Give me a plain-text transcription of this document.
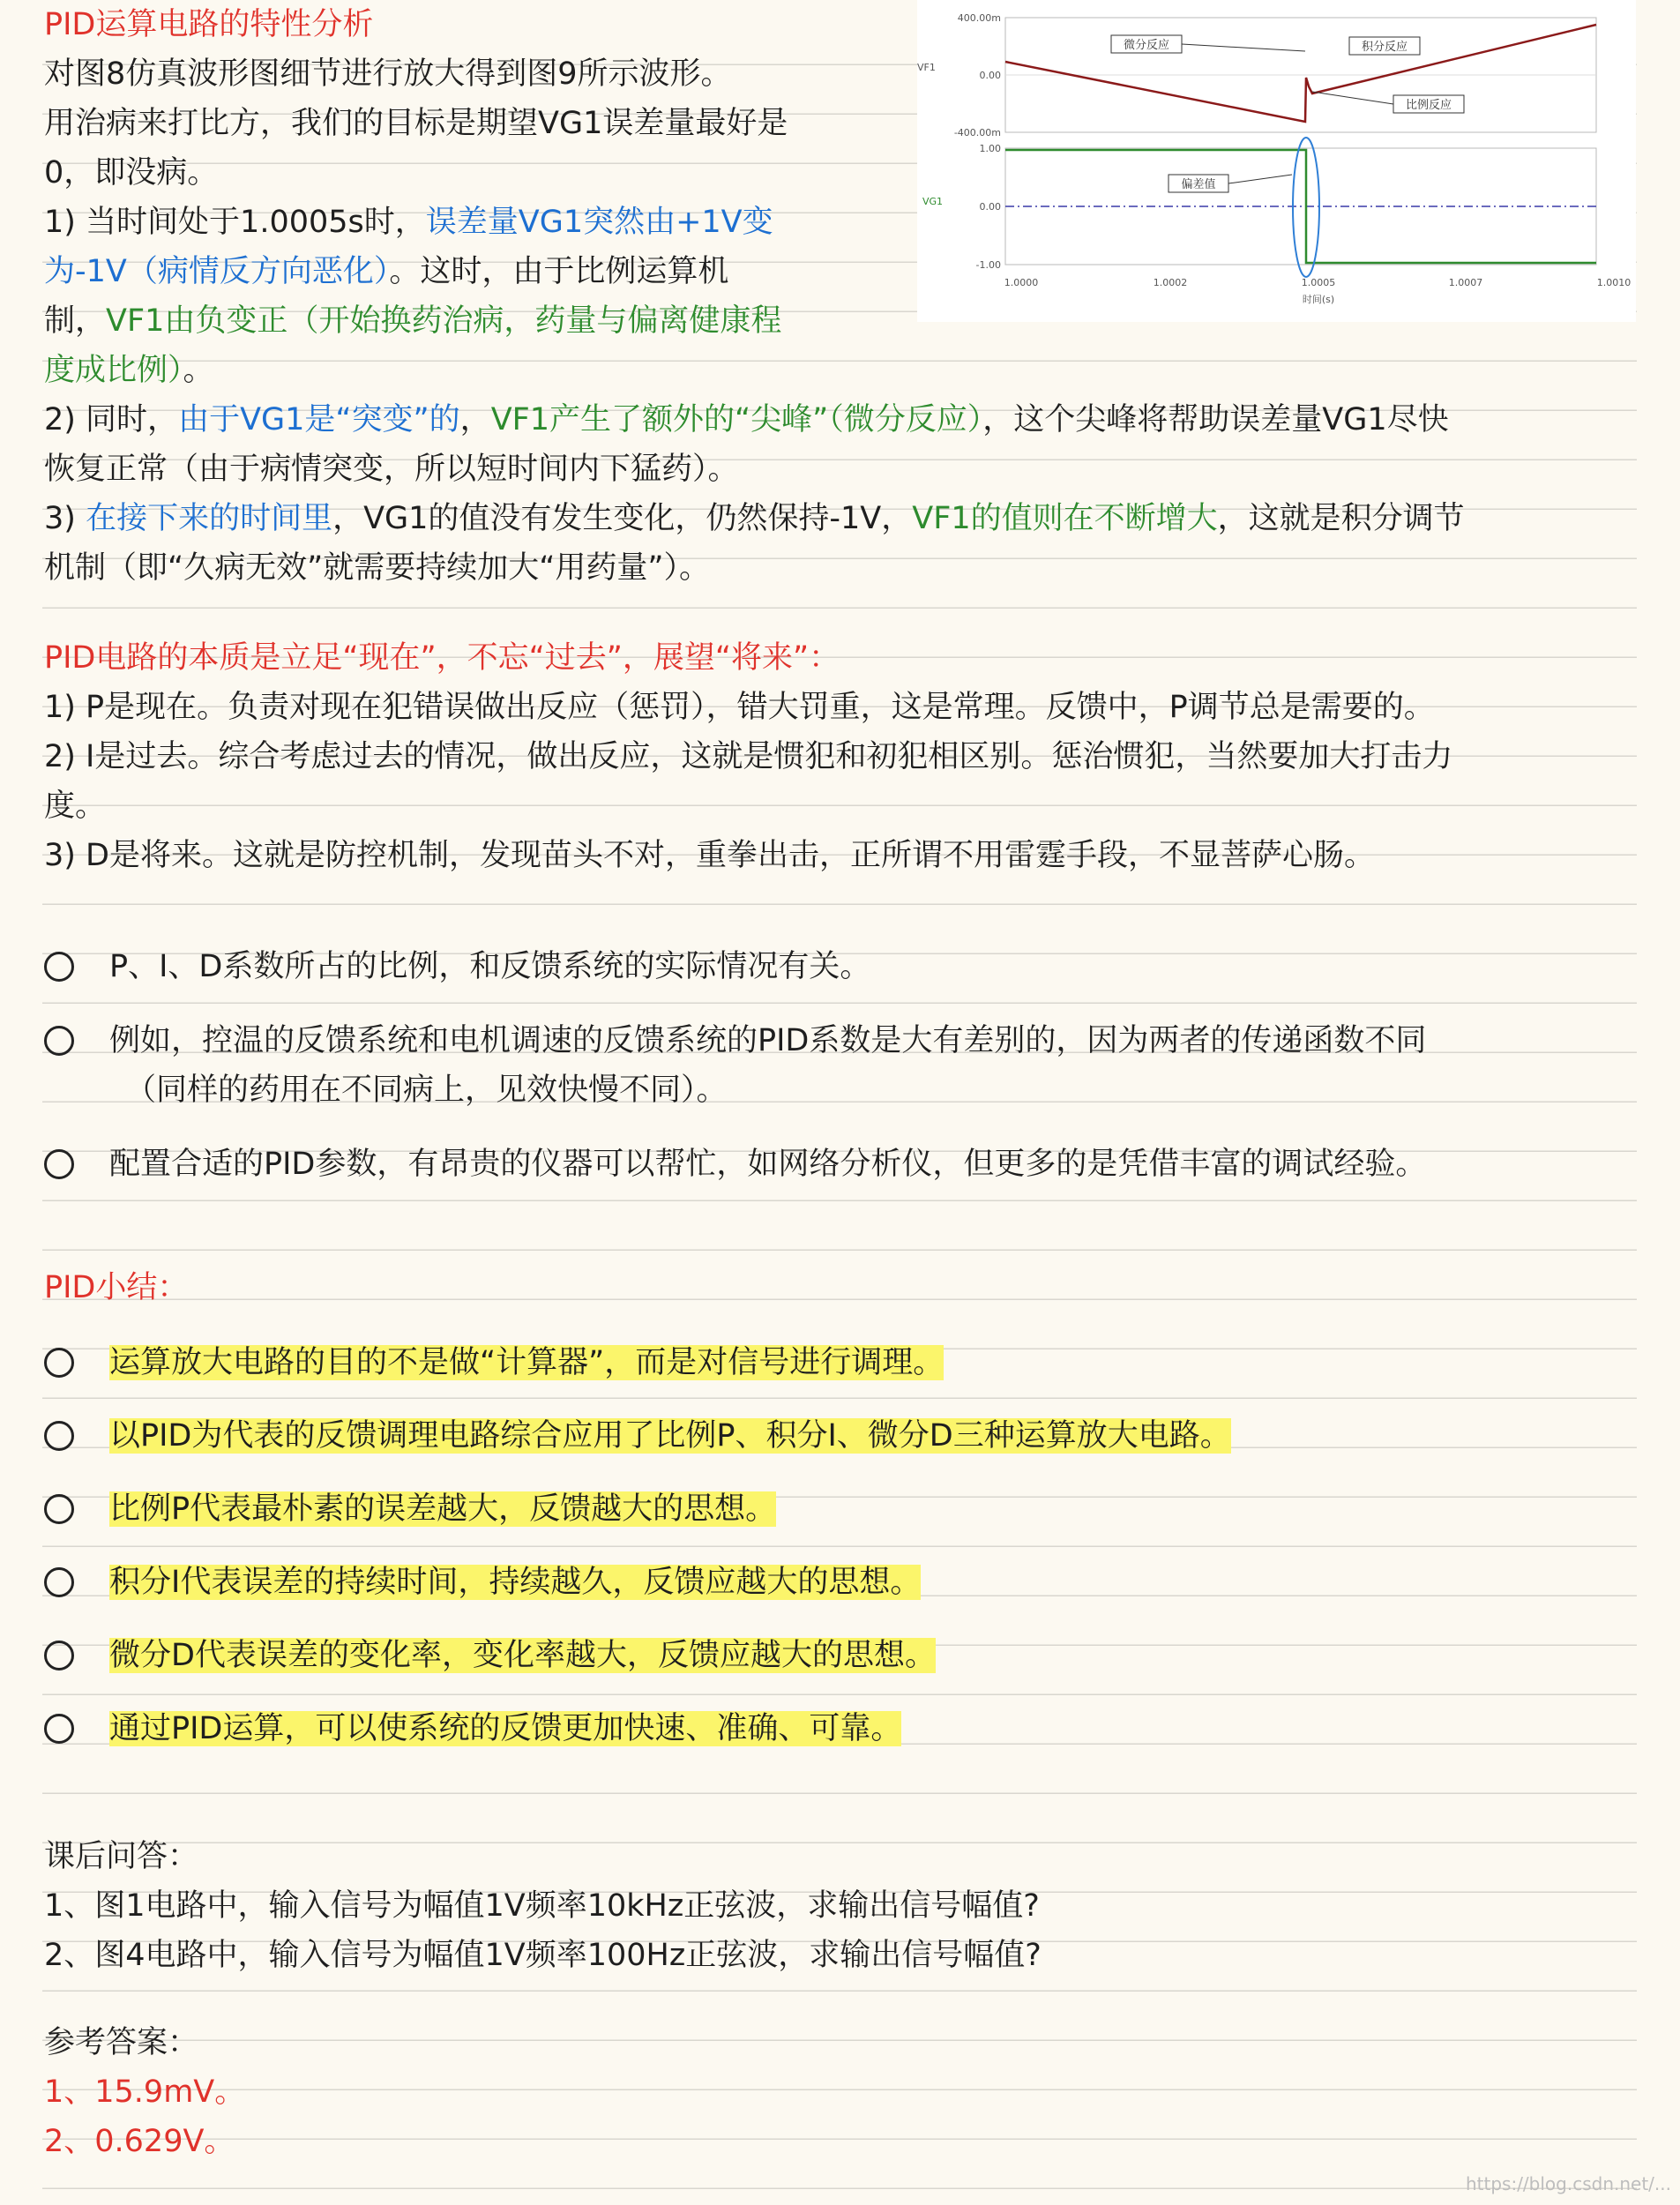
PID运算电路的特性分析
对图8仿真波形图细节进行放大得到图9所示波形。
用治病来打比方，我们的目标是期望VG1误差量最好是
0，即没病。
1) 当时间处于1.0005s时，误差量VG1突然由+1V变
为-1V（病情反方向恶化）。这时，由于比例运算机
制，VF1由负变正（开始换药治病，药量与偏离健康程
度成比例）。
2) 同时，由于VG1是“突变”的，VF1产生了额外的“尖峰”（微分反应），这个尖峰将帮助误差量VG1尽快
恢复正常（由于病情突变，所以短时间内下猛药）。
3) 在接下来的时间里，VG1的值没有发生变化，仍然保持-1V，VF1的值则在不断增大，这就是积分调节
机制（即“久病无效”就需要持续加大“用药量”）。
VF1
400.00m
0.00
-400.00m
微分反应	积分反应
比例反应
VG1
1.00
0.00
-1.00
偏差值
1.0000	1.0002	1.0005	1.0007	1.0010
时间(s)
PID电路的本质是立足“现在”，不忘“过去”，展望“将来”：
1) P是现在。负责对现在犯错误做出反应（惩罚），错大罚重，这是常理。反馈中，P调节总是需要的。
2) I是过去。综合考虑过去的情况，做出反应，这就是惯犯和初犯相区别。惩治惯犯，当然要加大打击力
度。
3) D是将来。这就是防控机制，发现苗头不对，重拳出击，正所谓不用雷霆手段，不显菩萨心肠。
P、I、D系数所占的比例，和反馈系统的实际情况有关。
例如，控温的反馈系统和电机调速的反馈系统的PID系数是大有差别的，因为两者的传递函数不同
（同样的药用在不同病上，见效快慢不同）。
配置合适的PID参数，有昂贵的仪器可以帮忙，如网络分析仪，但更多的是凭借丰富的调试经验。
PID小结：
运算放大电路的目的不是做“计算器”，而是对信号进行调理。
以PID为代表的反馈调理电路综合应用了比例P、积分I、微分D三种运算放大电路。
比例P代表最朴素的误差越大，反馈越大的思想。
积分I代表误差的持续时间，持续越久，反馈应越大的思想。
微分D代表误差的变化率，变化率越大，反馈应越大的思想。
通过PID运算，可以使系统的反馈更加快速、准确、可靠。
课后问答：
1、图1电路中，输入信号为幅值1V频率10kHz正弦波，求输出信号幅值?
2、图4电路中，输入信号为幅值1V频率100Hz正弦波，求输出信号幅值?
参考答案：
1、15.9mV。
2、0.629V。
https://blog.csdn.net/...
